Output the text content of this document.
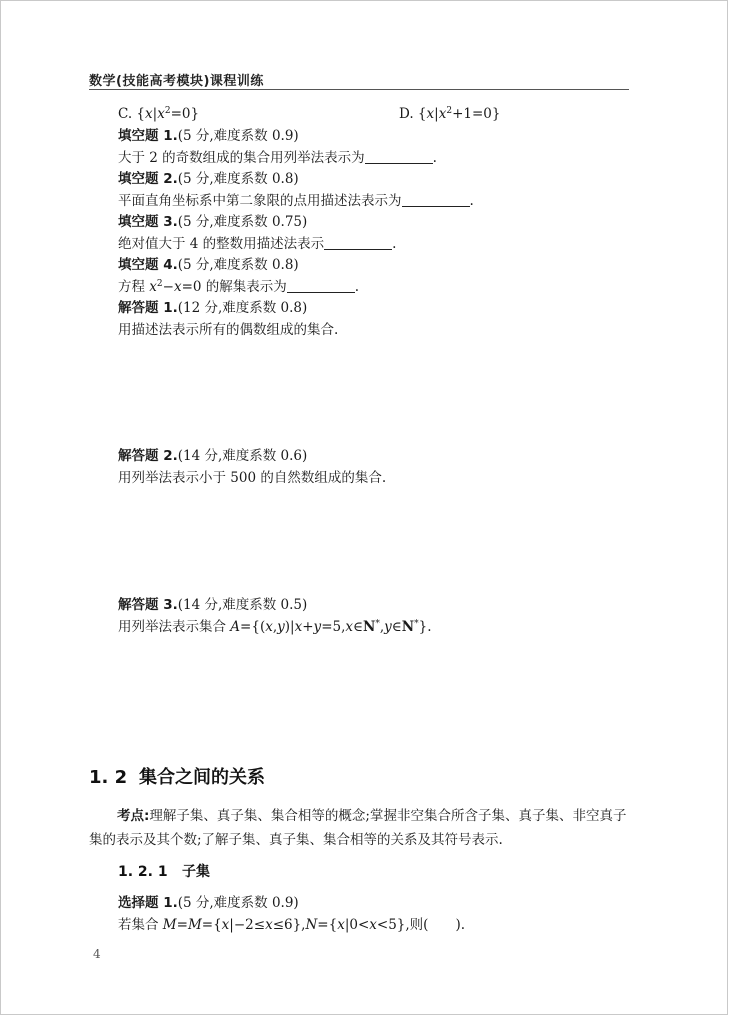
数学(技能高考模块)课程训练
C. $\{x|x^2=0\}$	D. $\{x|x^2+1=0\}$
填空题 1.(5 分,难度系数 0.9)
大于 2 的奇数组成的集合用列举法表示为	.
填空题 2.(5 分,难度系数 0.8)
平面直角坐标系中第二象限的点用描述法表示为	.
填空题 3.(5 分,难度系数 0.75)
绝对值大于 4 的整数用描述法表示	.
填空题 4.(5 分,难度系数 0.8)
方程 $x^2-x=0$ 的解集表示为	.
解答题 1.(12 分,难度系数 0.8)
用描述法表示所有的偶数组成的集合.
解答题 2.(14 分,难度系数 0.6)
用列举法表示小于 500 的自然数组成的集合.
解答题 3.(14 分,难度系数 0.5)
用列举法表示集合 A={(x,y)|x+y=5,x∈N*,y∈N*}.
1. 2 集合之间的关系
考点:理解子集、真子集、集合相等的概念;掌握非空集合所含子集、真子集、非空真子集的表示及其个数;了解子集、真子集、集合相等的关系及其符号表示.
1. 2. 1 子集
选择题 1.(5 分,难度系数 0.9)
若集合 M=M={x|−2≤x≤6},N={x|0<x<5},则(　　).
4
